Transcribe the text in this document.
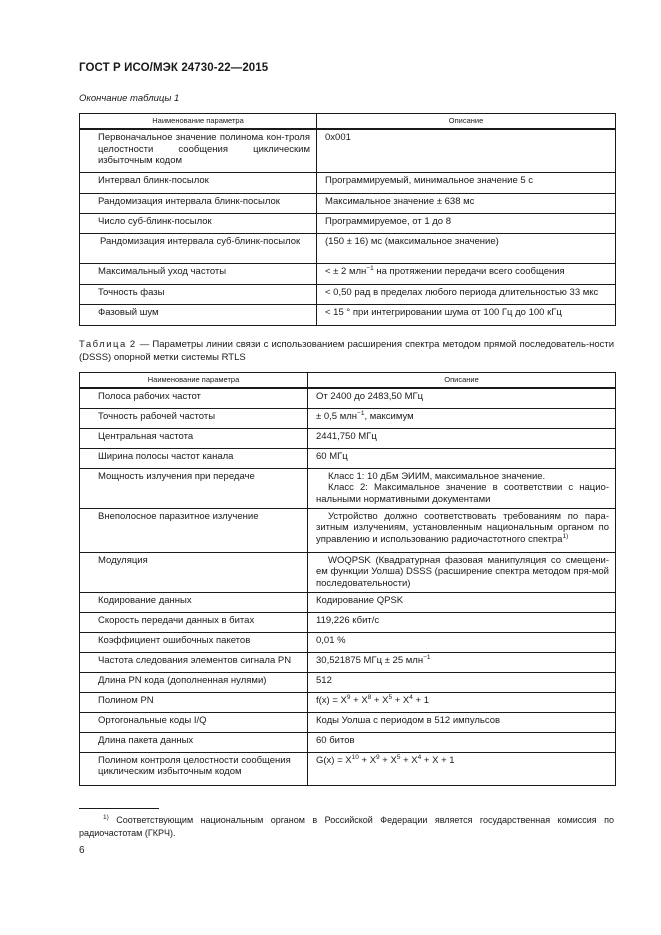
ГОСТ Р ИСО/МЭК 24730-22—2015
Окончание таблицы 1
Наименование параметра	Описание
Первоначальное значение полинома кон-троля целостности сообщения циклическим избыточным кодом	0x001
Интервал блинк-посылок	Программируемый, минимальное значение 5 с
Рандомизация интервала блинк-посылок	Максимальное значение ± 638 мс
Число суб-блинк-посылок	Программируемое, от 1 до 8
Рандомизация интервала суб-блинк-посылок	(150 ± 16) мс (максимальное значение)
Максимальный уход частоты	< ± 2 млн$^{-1}$ на протяжении передачи всего сообщения
Точность фазы	< 0,50 рад в пределах любого периода длительностью 33 мкс
Фазовый шум	< 15 ° при интегрировании шума от 100 Гц до 100 кГц
Таблица 2 — Параметры линии связи с использованием расширения спектра методом прямой последователь-ности (DSSS) опорной метки системы RTLS
Наименование параметра	Описание
Полоса рабочих частот	От 2400 до 2483,50 МГц
Точность рабочей частоты	± 0,5 млн$^{-1}$, максимум
Центральная частота	2441,750 МГц
Ширина полосы частот канала	60 МГц
Мощность излучения при передаче	Класс 1: 10 дБм ЭИИМ, максимальное значение.
Класс 2: Максимальное значение в соответствии с нацио-нальными нормативными документами

Внеполосное паразитное излучение	Устройство должно соответствовать требованиям по пара-зитным излучениям, установленным национальным органом по управлению и использованию радиочастотного спектра$^{1)}$
Модуляция	WOQPSK (Квадратурная фазовая манипуляция со смещени-ем функции Уолша) DSSS (расширение спектра методом пря-мой последовательности)
Кодирование данных	Кодирование QPSK
Скорость передачи данных в битах	119,226 кбит/с
Коэффициент ошибочных пакетов	0,01 %
Частота следования элементов сигнала PN	30,521875 МГц ± 25 млн$^{-1}$
Длина PN кода (дополненная нулями)	512
Полином PN	$f(x) = X^9 + X^8 + X^5 + X^4 + 1$
Ортогональные коды I/Q	Коды Уолша с периодом в 512 импульсов
Длина пакета данных	60 битов
Полином контроля целостности сообщения циклическим избыточным кодом	$G(x) = X^{10} + X^9 + X^5 + X^4 + X + 1$
$^{1)}$ Соответствующим национальным органом в Российской Федерации является государственная комиссия по радиочастотам (ГКРЧ).
6
